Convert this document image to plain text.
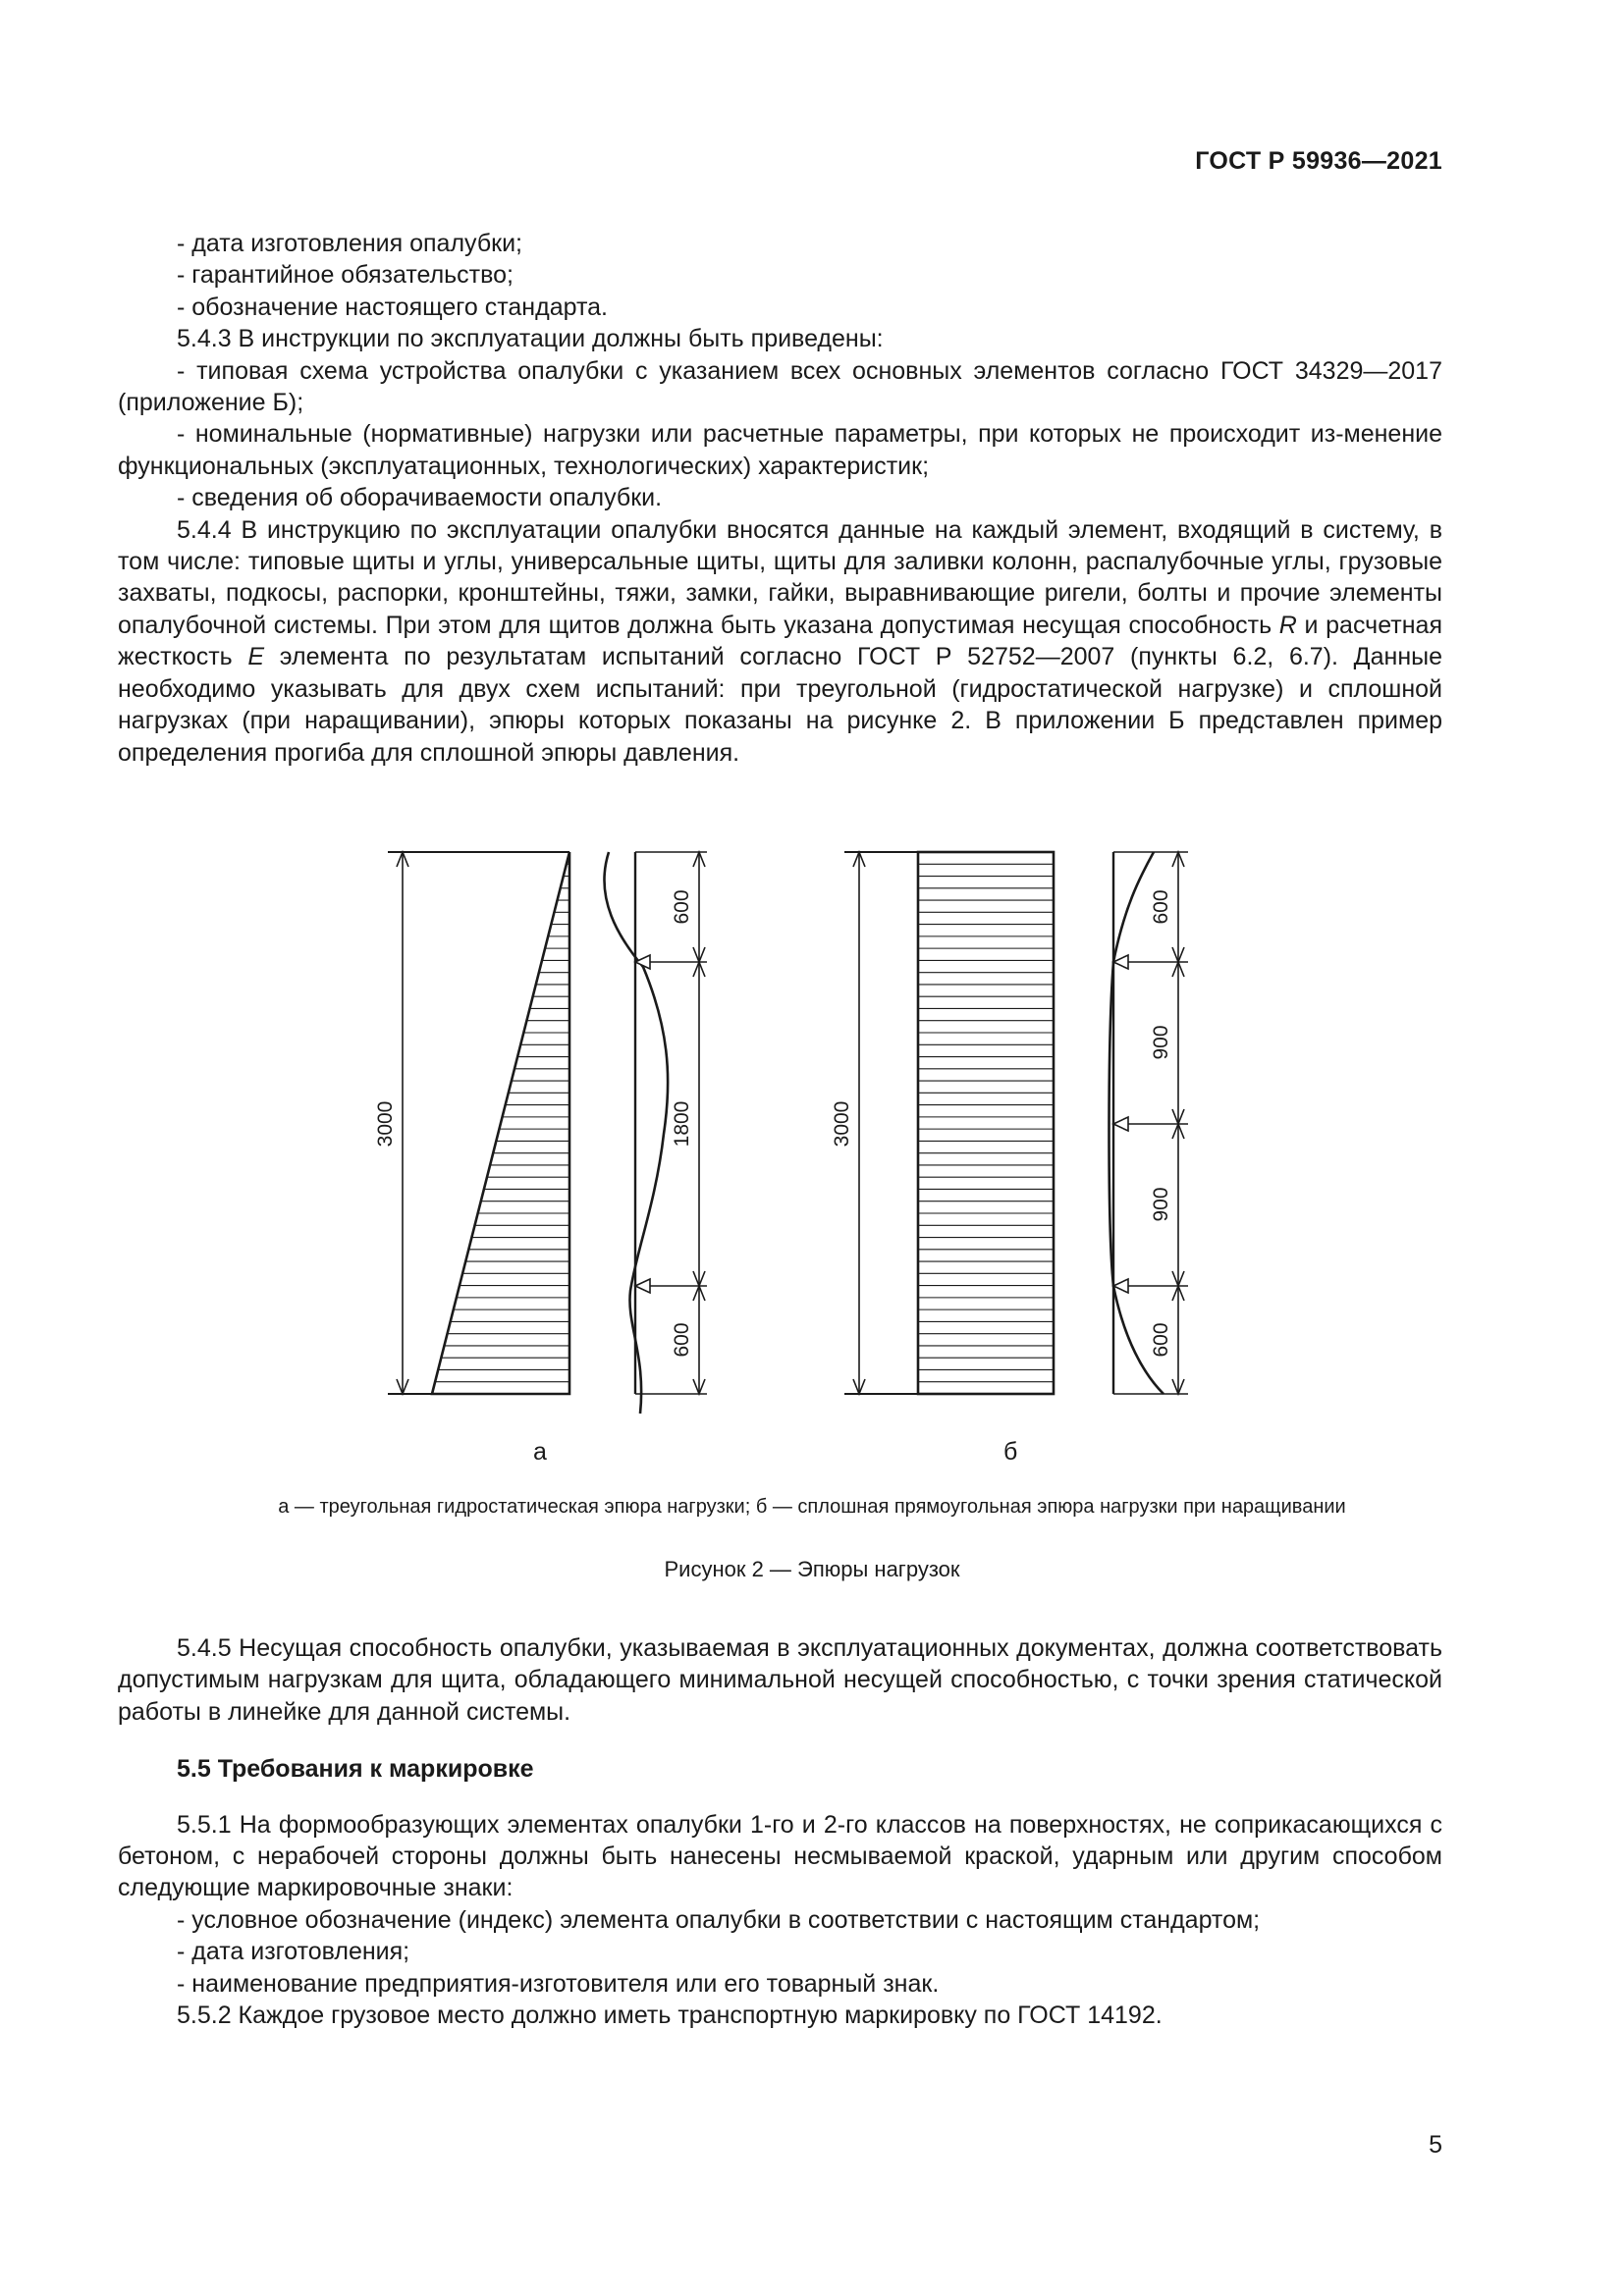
ГОСТ Р 59936—2021

- дата изготовления опалубки;

- гарантийное обязательство;

- обозначение настоящего стандарта.

5.4.3 В инструкции по эксплуатации должны быть приведены:

- типовая схема устройства опалубки с указанием всех основных элементов согласно ГОСТ 34329—2017 (приложение Б);

- номинальные (нормативные) нагрузки или расчетные параметры, при которых не происходит из-менение функциональных (эксплуатационных, технологических) характеристик;

- сведения об оборачиваемости опалубки.

5.4.4 В инструкцию по эксплуатации опалубки вносятся данные на каждый элемент, входящий в систему, в том числе: типовые щиты и углы, универсальные щиты, щиты для заливки колонн, распалубочные углы, грузовые захваты, подкосы, распорки, кронштейны, тяжи, замки, гайки, выравнивающие ригели, болты и прочие элементы опалубочной системы. При этом для щитов должна быть указана допустимая несущая способность R и расчетная жесткость E элемента по результатам испытаний согласно ГОСТ Р 52752—2007 (пункты 6.2, 6.7). Данные необходимо указывать для двух схем испытаний: при треугольной (гидростатической нагрузке) и сплошной нагрузках (при наращивании), эпюры которых показаны на рисунке 2. В приложении Б представлен пример определения прогиба для сплошной эпюры давления.

3000
600
1800
600
3000
600
900
900
600
а	б
а — треугольная гидростатическая эпюра нагрузки; б — сплошная прямоугольная эпюра нагрузки при наращивании
Рисунок 2 — Эпюры нагрузок

5.4.5 Несущая способность опалубки, указываемая в эксплуатационных документах, должна соответствовать допустимым нагрузкам для щита, обладающего минимальной несущей способностью, с точки зрения статической работы в линейке для данной системы.

5.5 Требования к маркировке

5.5.1 На формообразующих элементах опалубки 1-го и 2-го классов на поверхностях, не соприкасающихся с бетоном, с нерабочей стороны должны быть нанесены несмываемой краской, ударным или другим способом следующие маркировочные знаки:

- условное обозначение (индекс) элемента опалубки в соответствии с настоящим стандартом;

- дата изготовления;

- наименование предприятия-изготовителя или его товарный знак.

5.5.2 Каждое грузовое место должно иметь транспортную маркировку по ГОСТ 14192.

5
